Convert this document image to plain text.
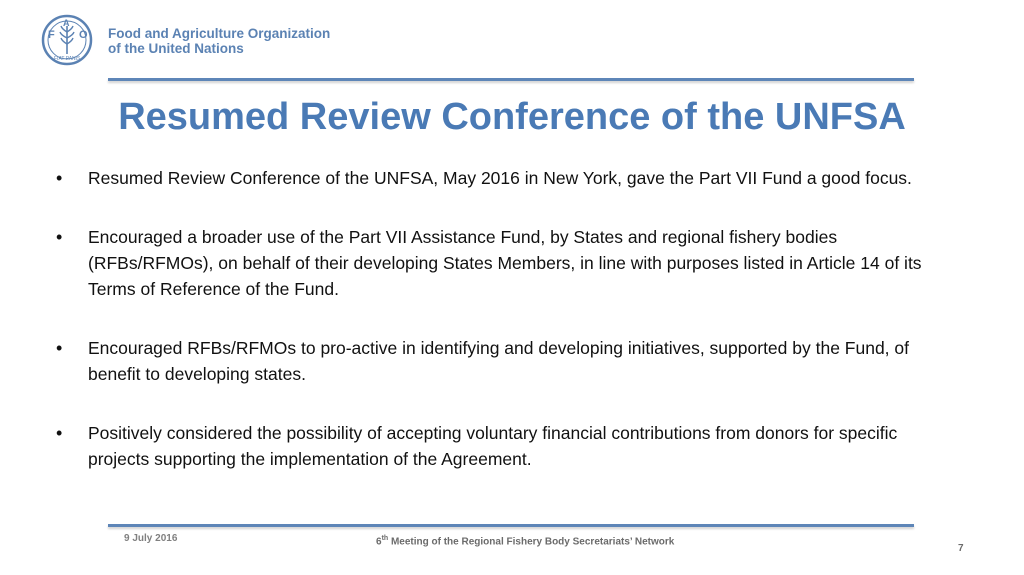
F
A
O
FIAT PANIS
Food and Agriculture Organization
of the United Nations
Resumed Review Conference of the UNFSA
• Resumed Review Conference of the UNFSA, May 2016 in New York, gave the Part VII Fund a good focus.
• Encouraged a broader use of the Part VII Assistance Fund, by States and regional fishery bodies (RFBs/RFMOs), on behalf of their developing States Members, in line with purposes listed in Article 14 of its Terms of Reference of the Fund.
• Encouraged RFBs/RFMOs to pro-active in identifying and developing initiatives, supported by the Fund, of benefit to developing states.
• Positively considered the possibility of accepting voluntary financial contributions from donors for specific projects supporting the implementation of the Agreement.
9 July 2016	6th Meeting of the Regional Fishery Body Secretariats’ Network
7
